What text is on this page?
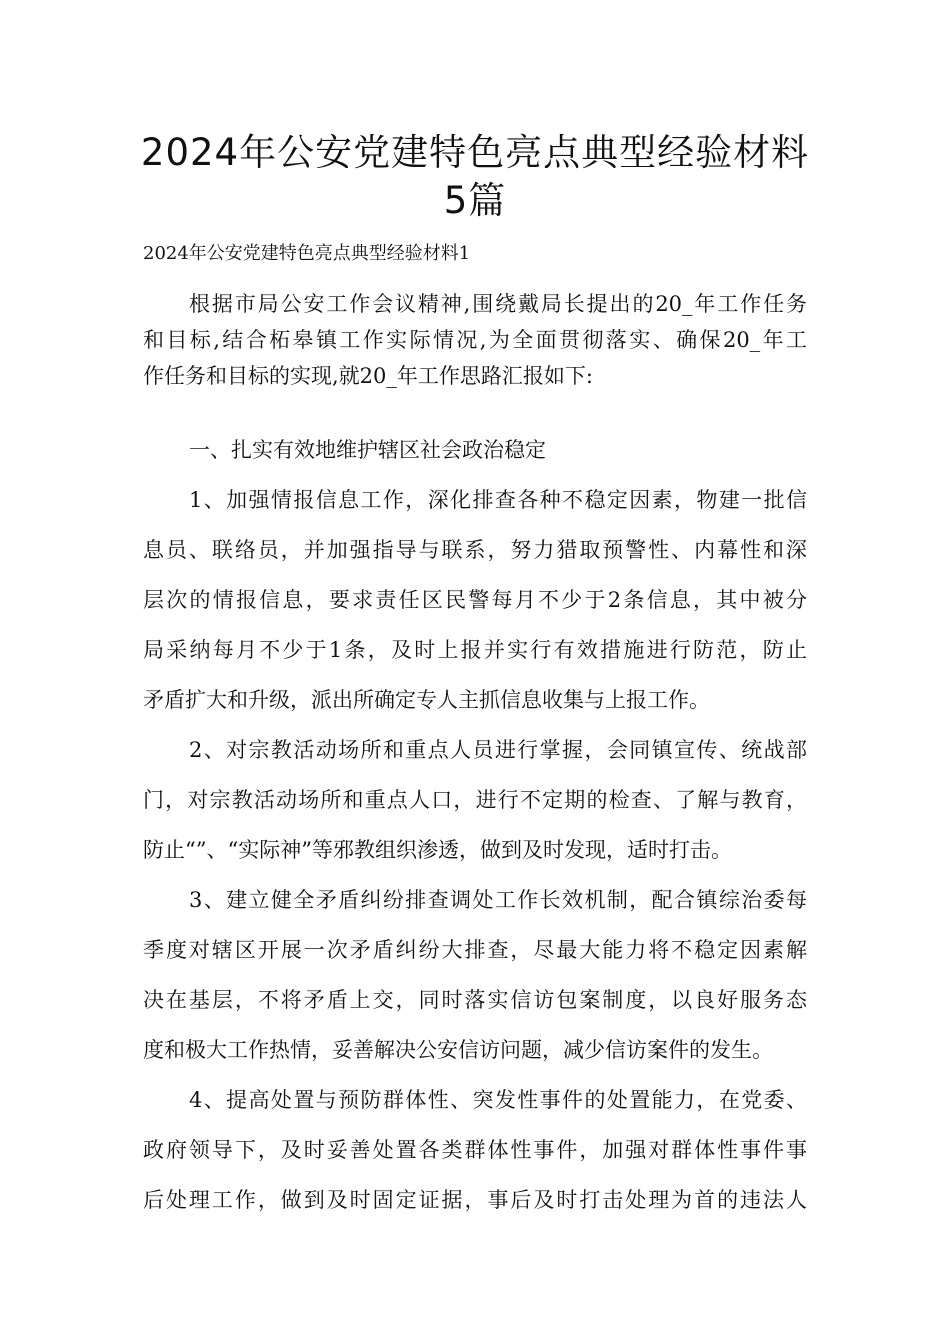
2024年公安党建特色亮点典型经验材料
5篇

2024年公安党建特色亮点典型经验材料1

根据市局公安工作会议精神,围绕戴局长提出的20_年工作任务
和目标,结合柘皋镇工作实际情况,为全面贯彻落实、确保20_年工
作任务和目标的实现,就20_年工作思路汇报如下:

一、扎实有效地维护辖区社会政治稳定

1、加强情报信息工作，深化排查各种不稳定因素，物建一批信
息员、联络员，并加强指导与联系，努力猎取预警性、内幕性和深
层次的情报信息，要求责任区民警每月不少于2条信息，其中被分
局采纳每月不少于1条，及时上报并实行有效措施进行防范，防止
矛盾扩大和升级，派出所确定专人主抓信息收集与上报工作。

2、对宗教活动场所和重点人员进行掌握，会同镇宣传、统战部
门，对宗教活动场所和重点人口，进行不定期的检查、了解与教育，
防止“”、“实际神”等邪教组织渗透，做到及时发现，适时打击。

3、建立健全矛盾纠纷排查调处工作长效机制，配合镇综治委每
季度对辖区开展一次矛盾纠纷大排查，尽最大能力将不稳定因素解
决在基层，不将矛盾上交，同时落实信访包案制度，以良好服务态
度和极大工作热情，妥善解决公安信访问题，减少信访案件的发生。

4、提高处置与预防群体性、突发性事件的处置能力，在党委、
政府领导下，及时妥善处置各类群体性事件，加强对群体性事件事
后处理工作，做到及时固定证据，事后及时打击处理为首的违法人
